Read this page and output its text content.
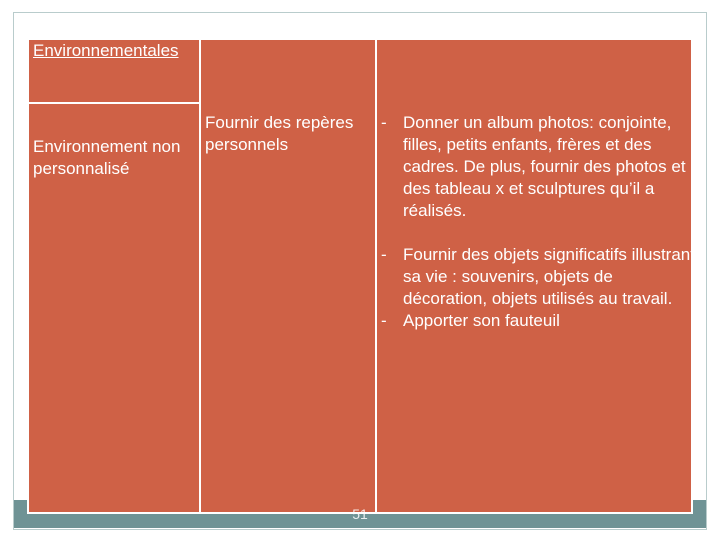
Environnementales
Environnement non personnalisé
Fournir des repères personnels
- Donner un album photos: conjointe, filles, petits enfants, frères et des cadres. De plus, fournir des photos et des tableau x et sculptures qu’il a réalisés.
- Fournir des objets significatifs illustrant sa vie : souvenirs, objets de décoration, objets utilisés au travail.
- Apporter son fauteuil
51
